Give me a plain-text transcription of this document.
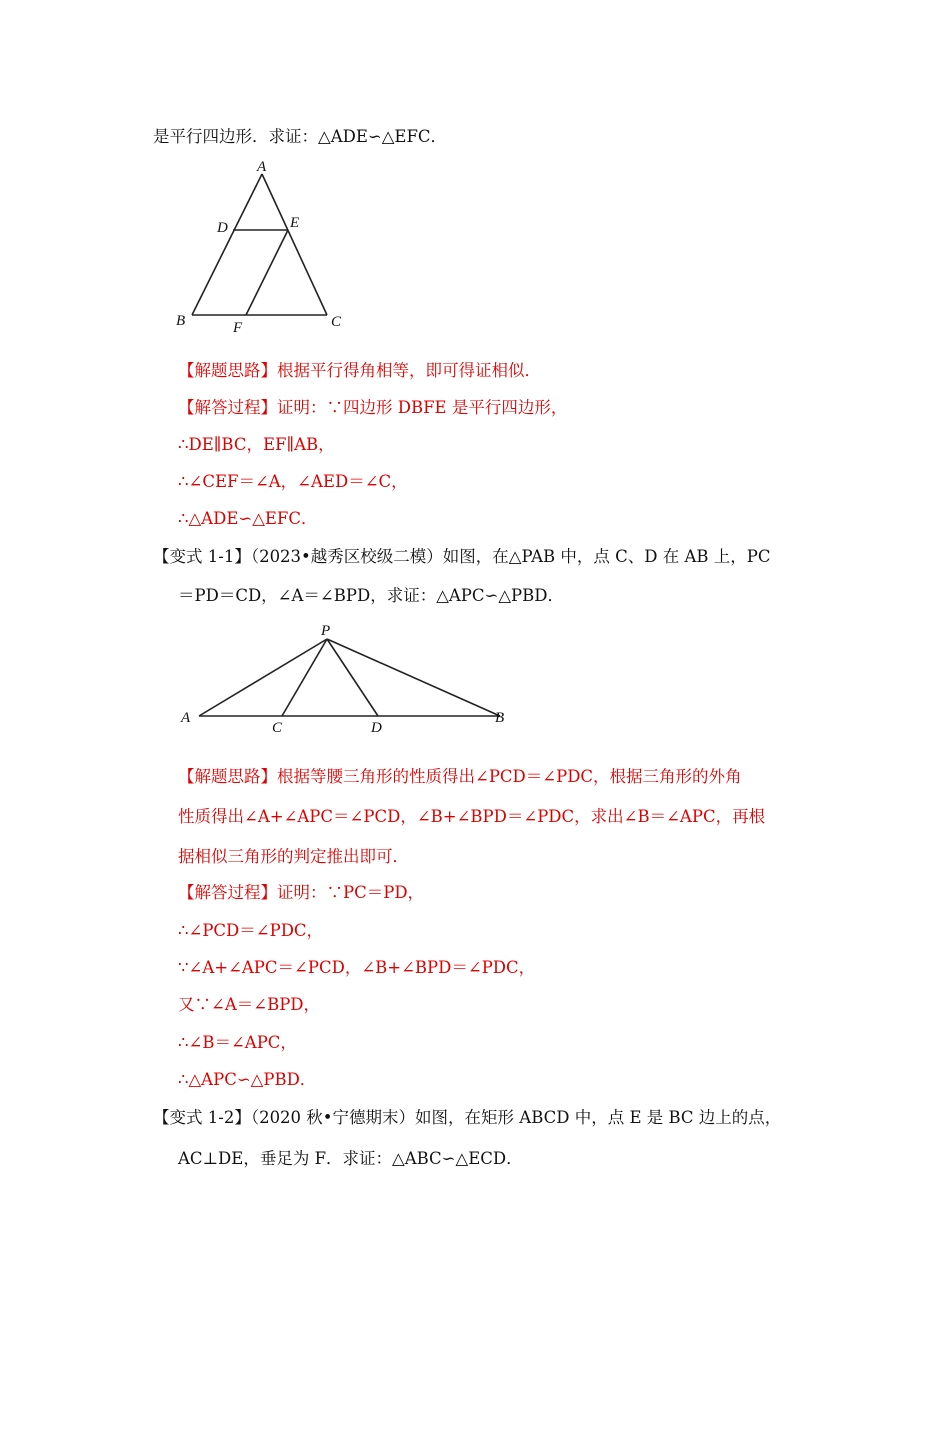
是平行四边形．求证：△ADE∽△EFC．
A
D	E
B	F	C
【解题思路】根据平行得角相等，即可得证相似．
【解答过程】证明：∵四边形 DBFE 是平行四边形，
∴DE∥BC，EF∥AB，
∴∠CEF＝∠A，∠AED＝∠C，
∴△ADE∽△EFC．
【变式 1-1】（2023•越秀区校级二模）如图，在△PAB 中，点 C、D 在 AB 上，PC
＝PD＝CD，∠A＝∠BPD，求证：△APC∽△PBD．
P
A
C	D
B
【解题思路】根据等腰三角形的性质得出∠PCD＝∠PDC，根据三角形的外角
性质得出∠A+∠APC＝∠PCD，∠B+∠BPD＝∠PDC，求出∠B＝∠APC，再根
据相似三角形的判定推出即可．
【解答过程】证明：∵PC＝PD，
∴∠PCD＝∠PDC，
∵∠A+∠APC＝∠PCD，∠B+∠BPD＝∠PDC，
又∵∠A＝∠BPD，
∴∠B＝∠APC，
∴△APC∽△PBD．
【变式 1-2】（2020 秋•宁德期末）如图，在矩形 ABCD 中，点 E 是 BC 边上的点，
AC⊥DE，垂足为 F．求证：△ABC∽△ECD．
